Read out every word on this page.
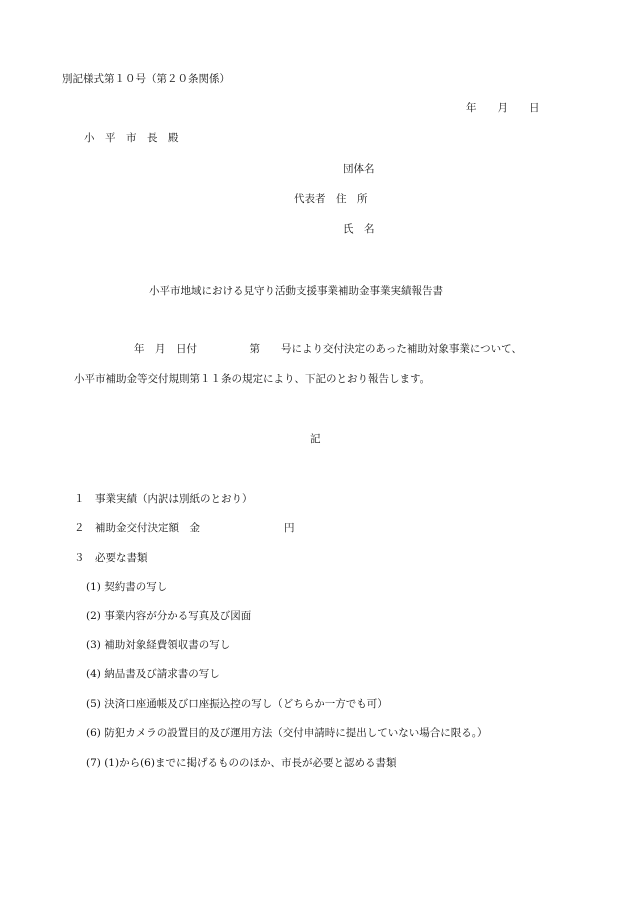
別記様式第１０号（第２０条関係）
年　　月　　日
小　平　市　長　殿
団体名
代表者　住　所
氏　名
小平市地域における見守り活動支援事業補助金事業実績報告書
年　月　日付　　　　　第　　号により交付決定のあった補助対象事業について、
小平市補助金等交付規則第１１条の規定により、下記のとおり報告します。
記
１　事業実績（内訳は別紙のとおり）
２　補助金交付決定額　金　　　　　　　　円
３　必要な書類
(1) 契約書の写し
(2) 事業内容が分かる写真及び図面
(3) 補助対象経費領収書の写し
(4) 納品書及び請求書の写し
(5) 決済口座通帳及び口座振込控の写し（どちらか一方でも可）
(6) 防犯カメラの設置目的及び運用方法（交付申請時に提出していない場合に限る。）
(7) (1)から(6)までに掲げるもののほか、市長が必要と認める書類
